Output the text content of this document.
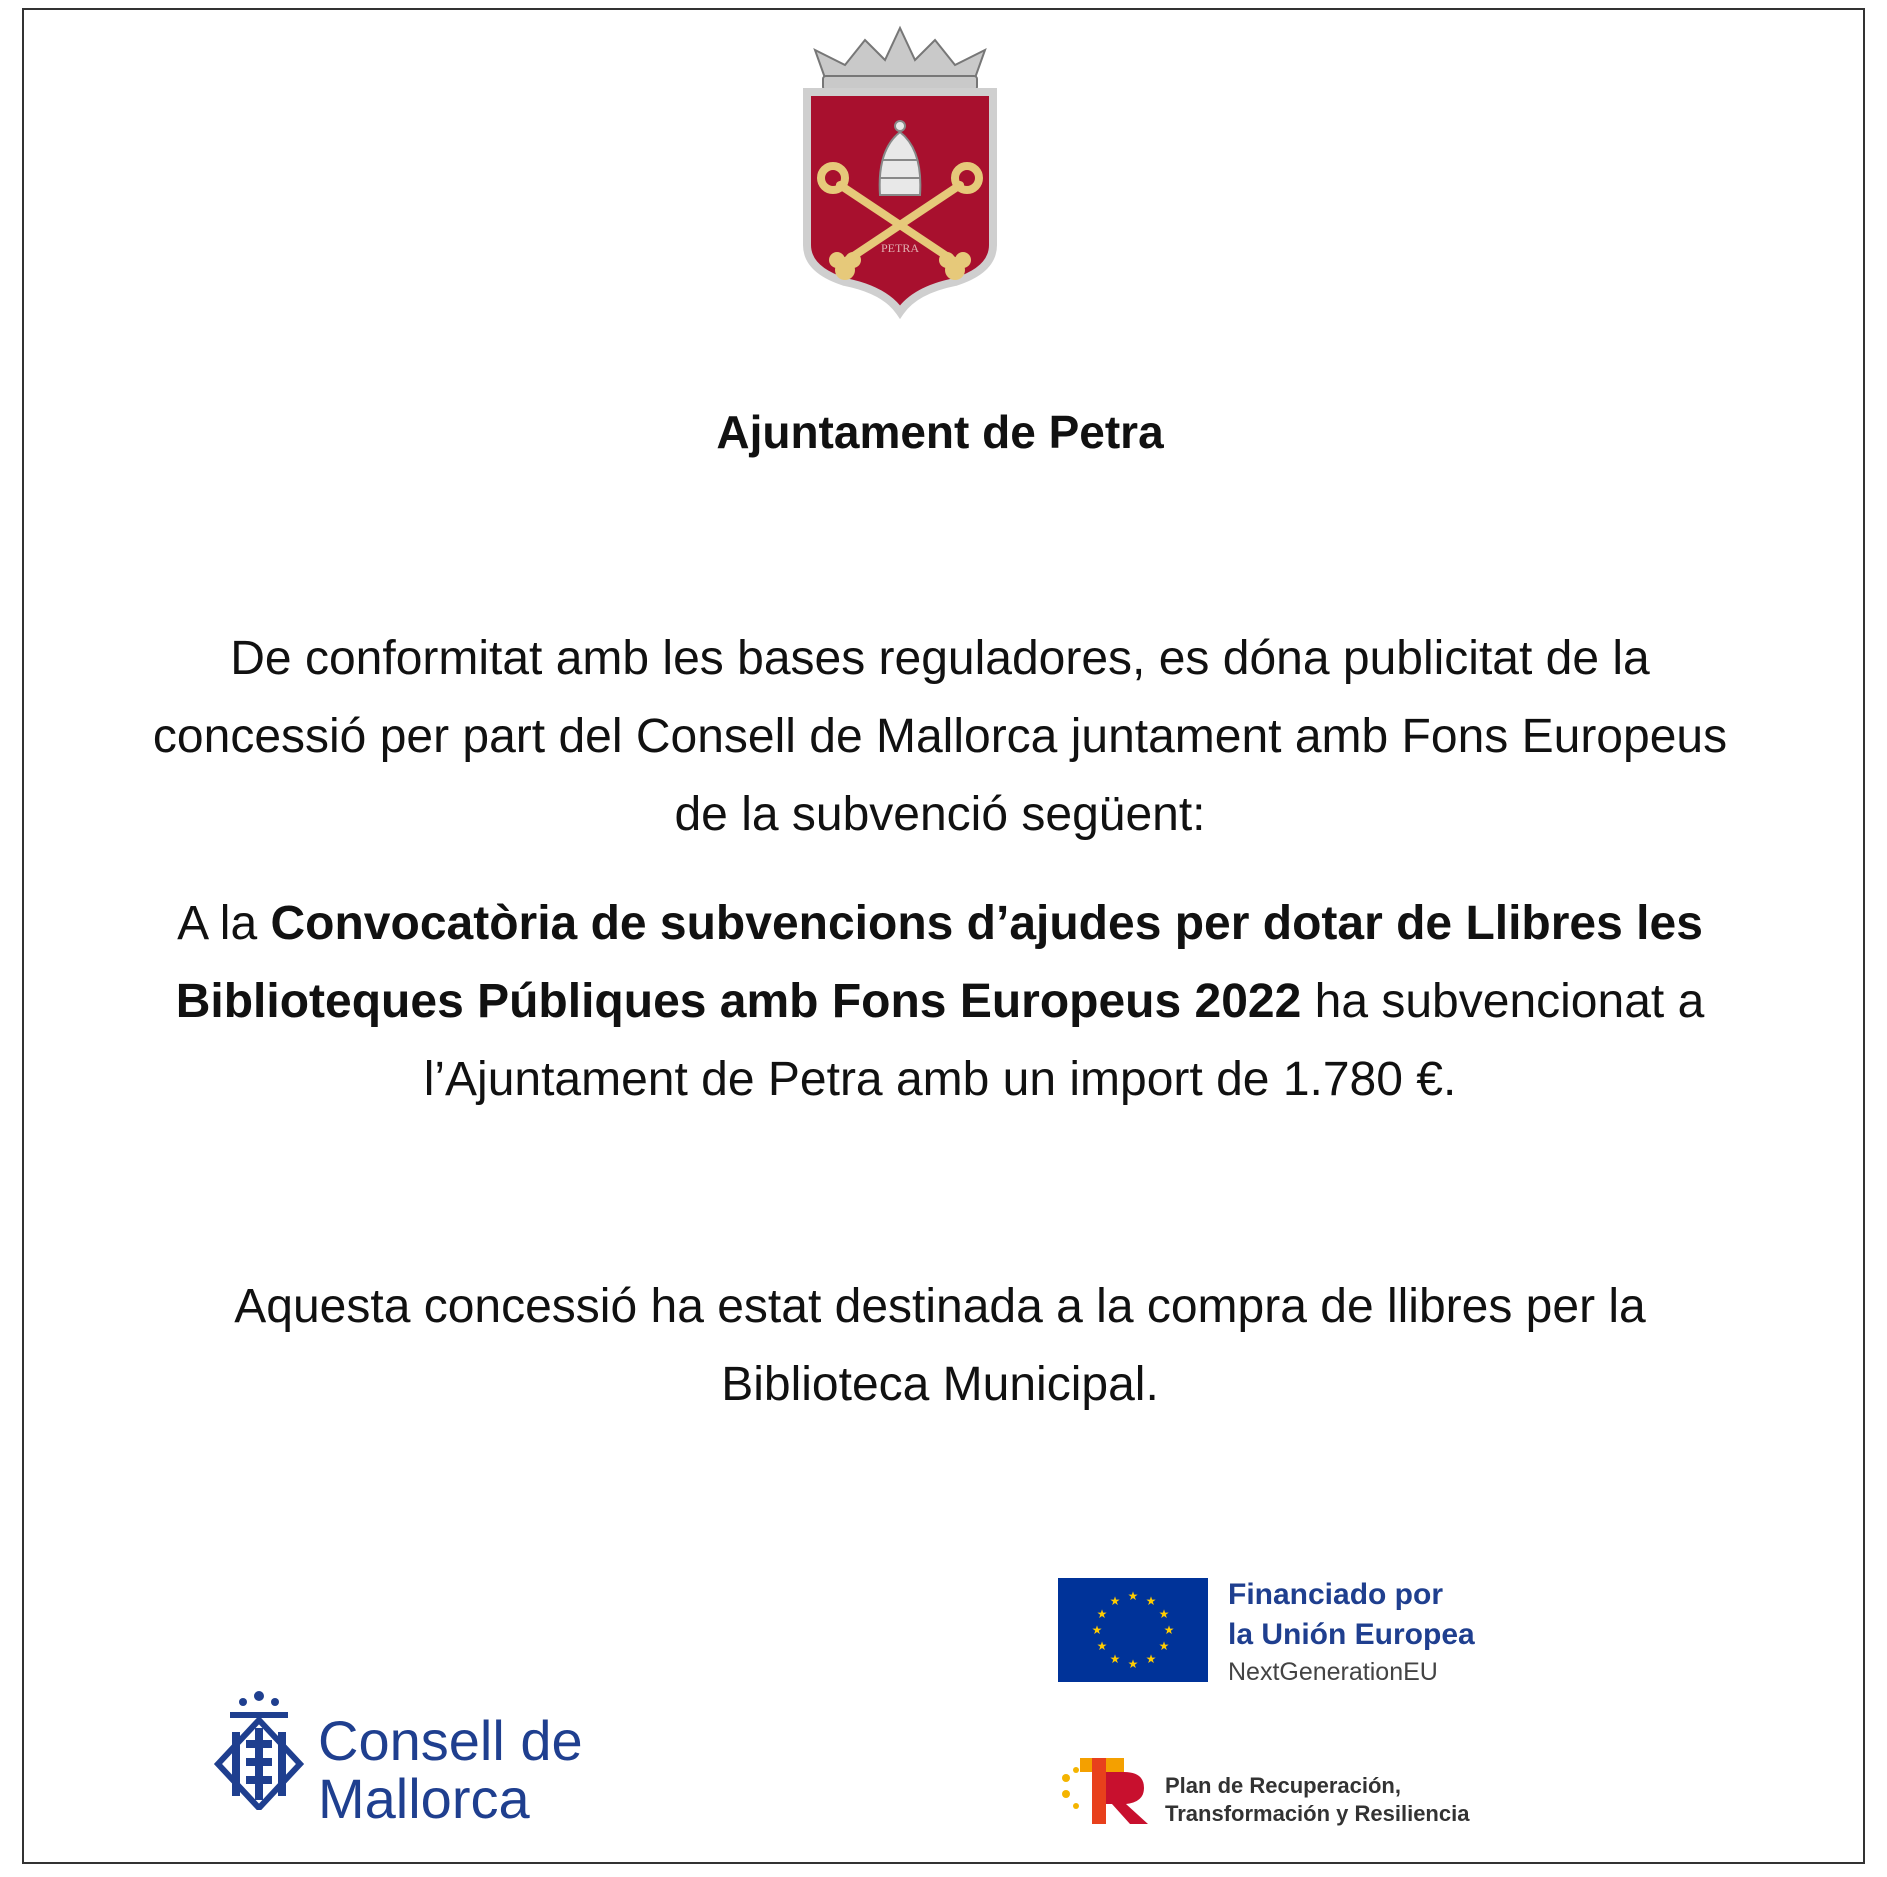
PETRA
Ajuntament de Petra
De conformitat amb les bases reguladores, es dóna publicitat de la
concessió per part del Consell de Mallorca juntament amb Fons Europeus
de la subvenció següent:
A la Convocatòria de subvencions d’ajudes per dotar de Llibres les
Biblioteques Públiques amb Fons Europeus 2022 ha subvencionat a
l’Ajuntament de Petra amb un import de 1.780 €.
Aquesta concessió ha estat destinada a la compra de llibres per la
Biblioteca Municipal.
★ ★
★
★
★
★
★
★
★
★
★
★	Financiado por
la Unión Europea
NextGenerationEU
Consell de
Mallorca	Plan de Recuperación,
Transformación y Resiliencia
